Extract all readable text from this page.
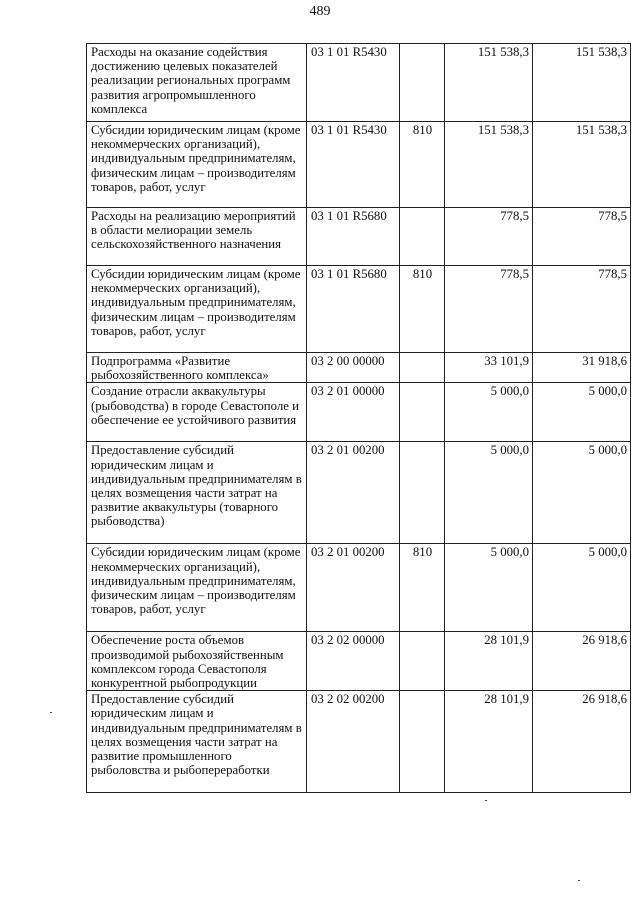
489
Расходы на оказание содействия достижению целевых показателей реализации региональных программ развития агропромышленного комплекса	03 1 01 R5430		151 538,3	151 538,3
Субсидии юридическим лицам (кроме некоммерческих организаций), индивидуальным предпринимателям, физическим лицам – производителям товаров, работ, услуг	03 1 01 R5430	810	151 538,3	151 538,3
Расходы на реализацию мероприятий в области мелиорации земель сельскохозяйственного назначения	03 1 01 R5680		778,5	778,5
Субсидии юридическим лицам (кроме некоммерческих организаций), индивидуальным предпринимателям, физическим лицам – производителям товаров, работ, услуг	03 1 01 R5680	810	778,5	778,5
Подпрограмма «Развитие рыбохозяйственного комплекса»	03 2 00 00000		33 101,9	31 918,6
Создание отрасли аквакультуры (рыбоводства) в городе Севастополе и обеспечение ее устойчивого развития	03 2 01 00000		5 000,0	5 000,0
Предоставление субсидий юридическим лицам и индивидуальным предпринимателям в целях возмещения части затрат на развитие аквакультуры (товарного рыбоводства)	03 2 01 00200		5 000,0	5 000,0
Субсидии юридическим лицам (кроме некоммерческих организаций), индивидуальным предпринимателям, физическим лицам – производителям товаров, работ, услуг	03 2 01 00200	810	5 000,0	5 000,0
Обеспечение роста объемов производимой рыбохозяйственным комплексом города Севастополя конкурентной рыбопродукции	03 2 02 00000		28 101,9	26 918,6
Предоставление субсидий юридическим лицам и индивидуальным предпринимателям в целях возмещения части затрат на развитие промышленного рыболовства и рыбопереработки	03 2 02 00200		28 101,9	26 918,6
